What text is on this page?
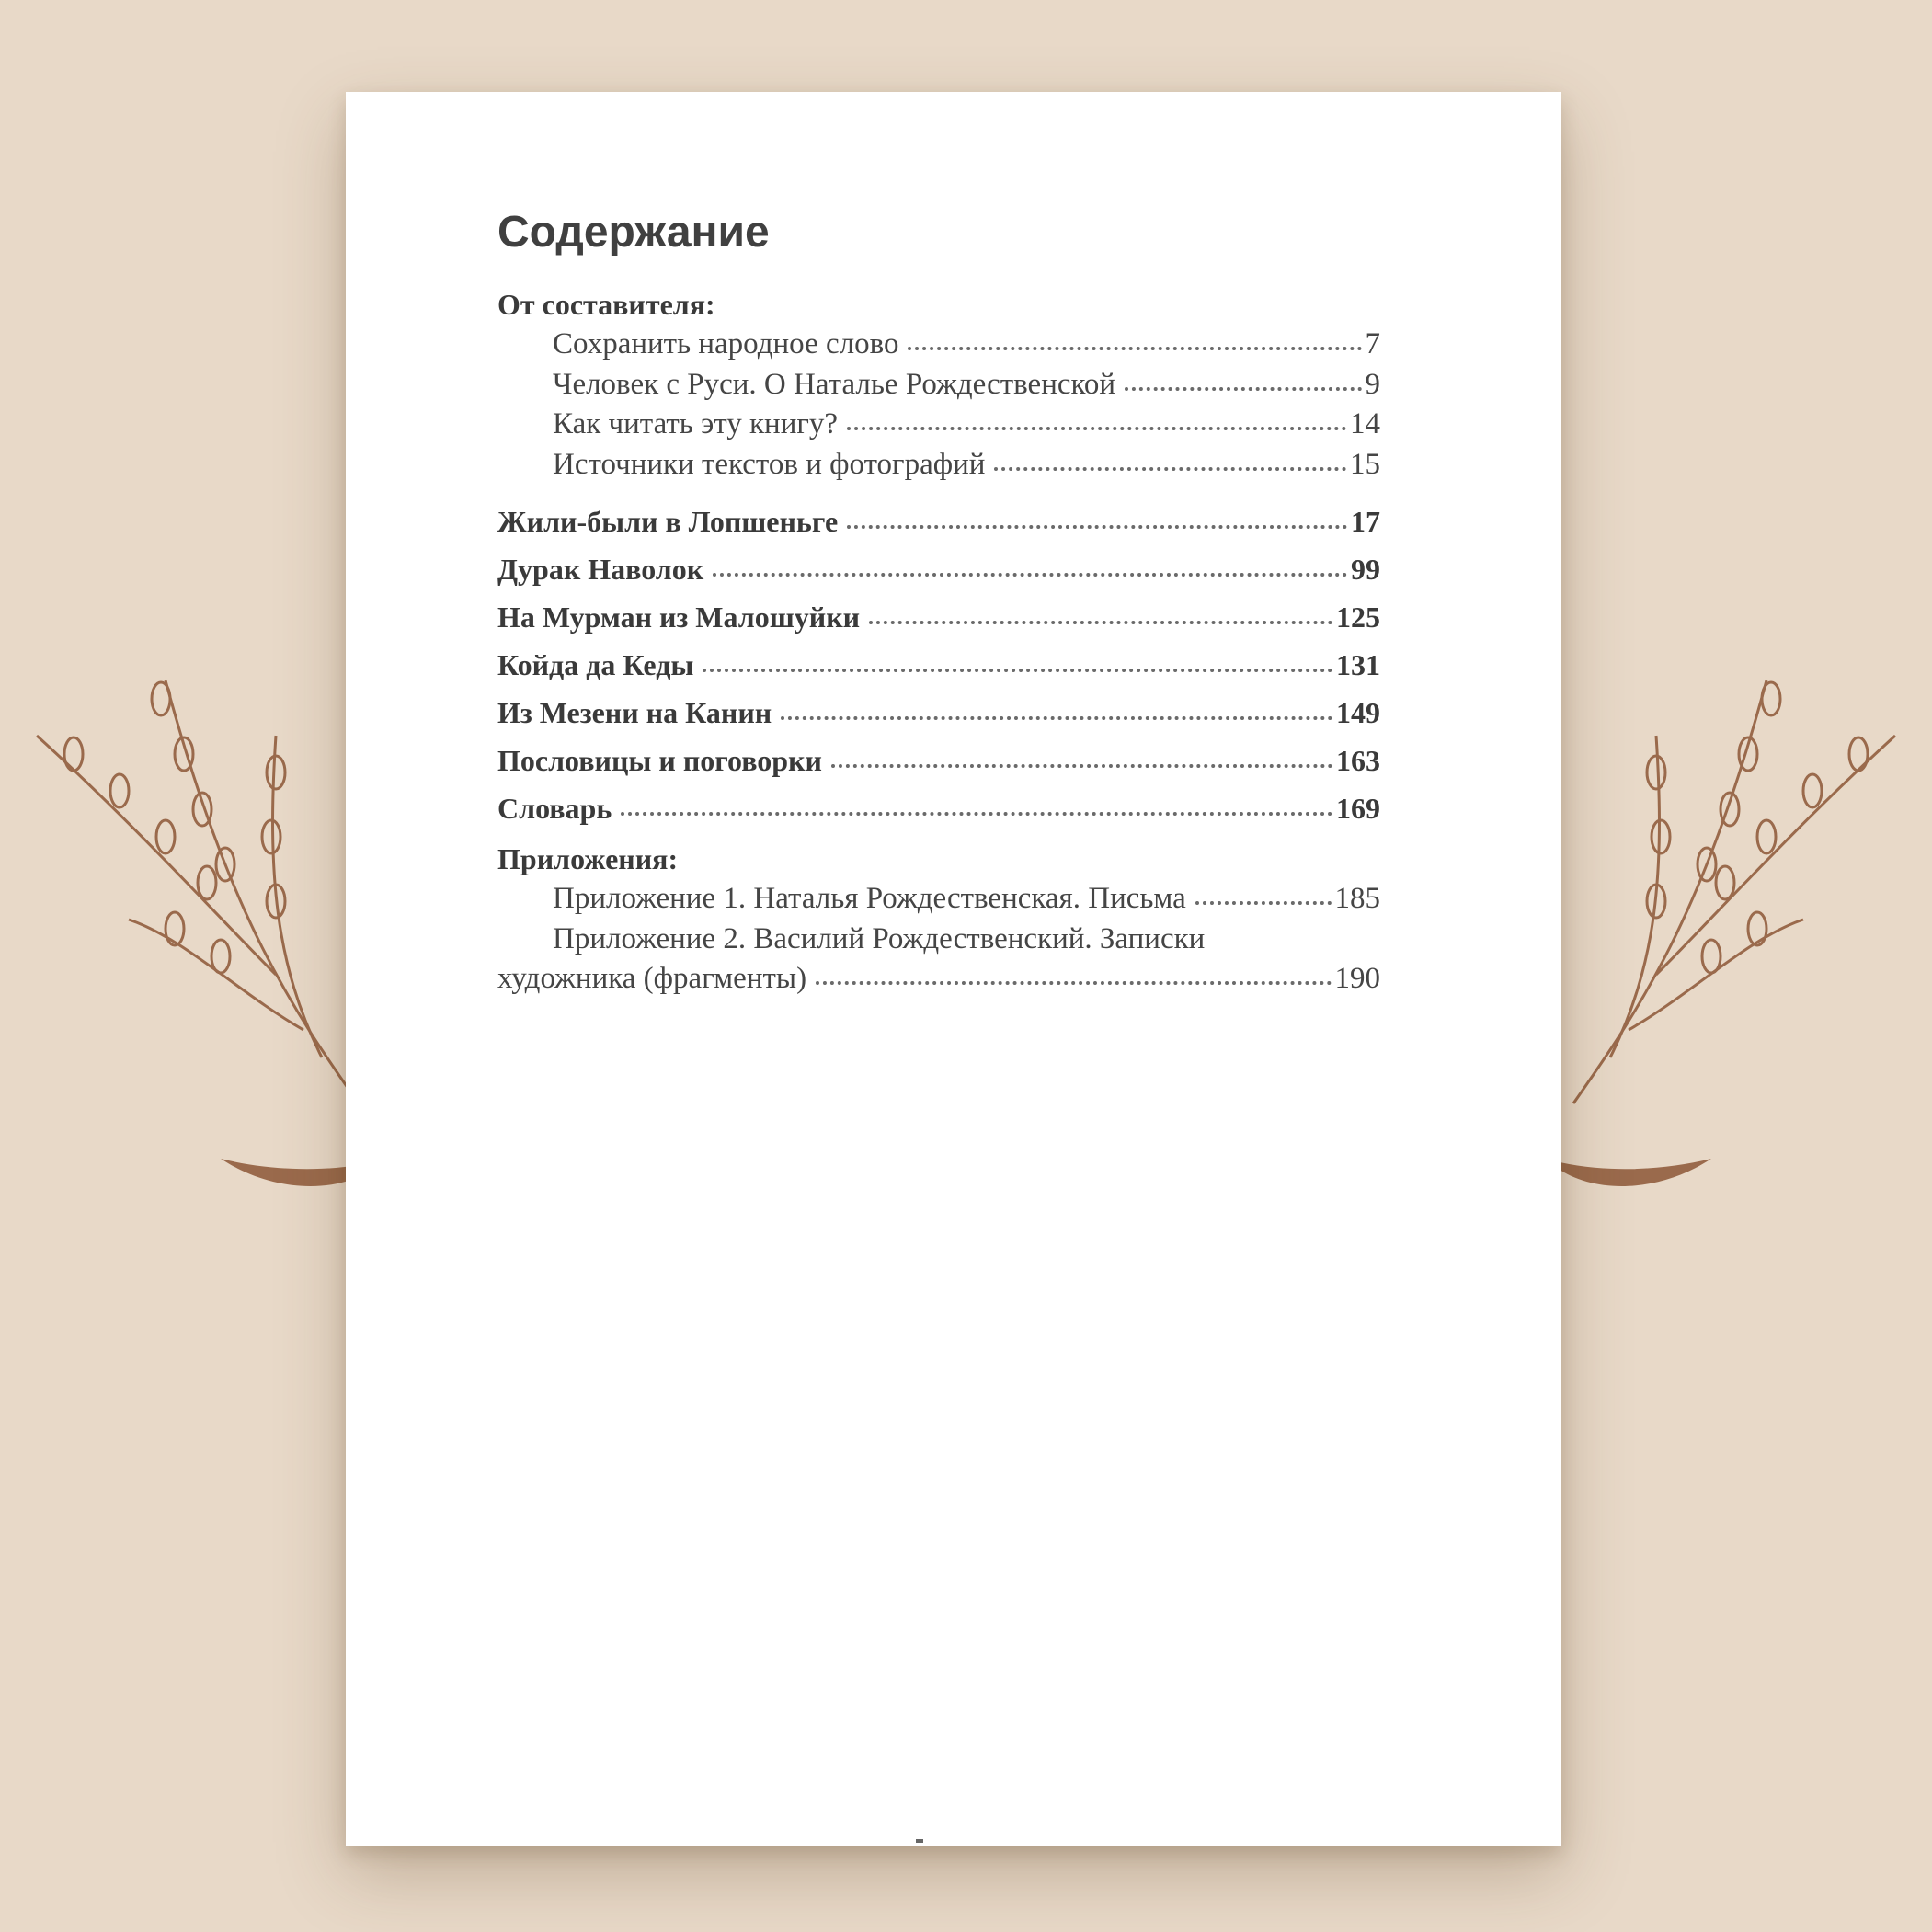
Содержание
От составителя:
Сохранить народное слово	7
Человек с Руси. О Наталье Рождественской	9
Как читать эту книгу?	14
Источники текстов и фотографий	15
Жили-были в Лопшеньге	17
Дурак Наволок	99
На Мурман из Малошуйки	125
Койда да Кеды	131
Из Мезени на Канин	149
Пословицы и поговорки	163
Словарь	169
Приложения:
Приложение 1. Наталья Рождественская. Письма	185
Приложение 2. Василий Рождественский. Записки
художника (фрагменты)	190
